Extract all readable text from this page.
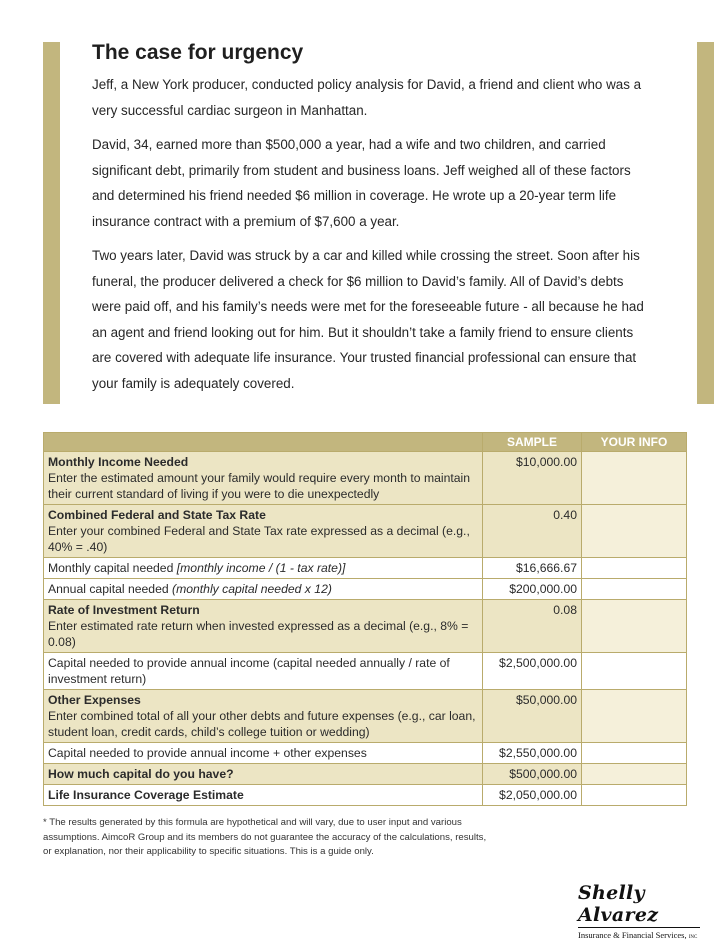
The case for urgency

Jeff, a New York producer, conducted policy analysis for David, a friend and client who was a very successful cardiac surgeon in Manhattan.

David, 34, earned more than $500,000 a year, had a wife and two children, and carried significant debt, primarily from student and business loans. Jeff weighed all of these factors and determined his friend needed $6 million in coverage. He wrote up a 20-year term life insurance contract with a premium of $7,600 a year.

Two years later, David was struck by a car and killed while crossing the street. Soon after his funeral, the producer delivered a check for $6 million to David’s family. All of David’s debts were paid off, and his family’s needs were met for the foreseeable future - all because he had an agent and friend looking out for him. But it shouldn’t take a family friend to ensure clients are covered with adequate life insurance. Your trusted financial professional can ensure that your family is adequately covered.

	SAMPLE	YOUR INFO
Monthly Income Needed
Enter the estimated amount your family would require every month to maintain their current standard of living if you were to die unexpectedly	$10,000.00	
Combined Federal and State Tax Rate
Enter your combined Federal and State Tax rate expressed as a decimal (e.g., 40% = .40)	0.40	
Monthly capital needed [monthly income / (1 - tax rate)]	$16,666.67	
Annual capital needed (monthly capital needed x 12)	$200,000.00	
Rate of Investment Return
Enter estimated rate return when invested expressed as a decimal (e.g., 8% = 0.08)	0.08	
Capital needed to provide annual income (capital needed annually / rate of investment return)	$2,500,000.00	
Other Expenses
Enter combined total of all your other debts and future expenses (e.g., car loan, student loan, credit cards, child’s college tuition or wedding)	$50,000.00	
Capital needed to provide annual income + other expenses	$2,550,000.00	
How much capital do you have?	$500,000.00	
Life Insurance Coverage Estimate	$2,050,000.00	
* The results generated by this formula are hypothetical and will vary, due to user input and various assumptions. AimcoR Group and its members do not guarantee the accuracy of the calculations, results, or explanation, nor their applicability to specific situations. This is a guide only.
Shelly Alvarez
Insurance & Financial Services, INC
